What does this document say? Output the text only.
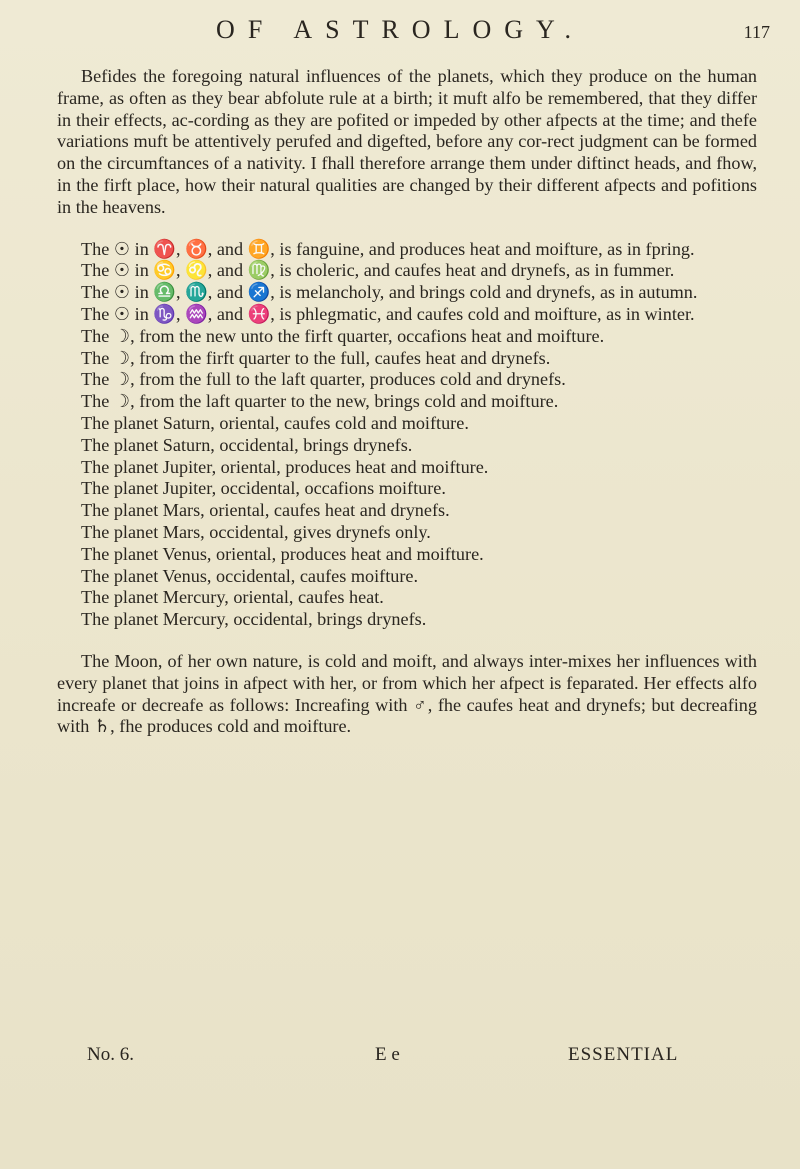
OF ASTROLOGY.	117

Befides the foregoing natural influences of the planets, which they produce on the human frame, as often as they bear abfolute rule at a birth; it muft alfo be remembered, that they differ in their effects, ac-cording as they are pofited or impeded by other afpects at the time; and thefe variations muft be attentively perufed and digefted, before any cor-rect judgment can be formed on the circumftances of a nativity. I fhall therefore arrange them under diftinct heads, and fhow, in the firft place, how their natural qualities are changed by their different afpects and pofitions in the heavens.

The ☉ in ♈, ♉, and ♊, is fanguine, and produces heat and moifture, as in fpring.
The ☉ in ♋, ♌, and ♍, is choleric, and caufes heat and drynefs, as in fummer.
The ☉ in ♎, ♏, and ♐, is melancholy, and brings cold and drynefs, as in autumn.
The ☉ in ♑, ♒, and ♓, is phlegmatic, and caufes cold and moifture, as in winter.
The ☽, from the new unto the firft quarter, occafions heat and moifture.
The ☽, from the firft quarter to the full, caufes heat and drynefs.
The ☽, from the full to the laft quarter, produces cold and drynefs.
The ☽, from the laft quarter to the new, brings cold and moifture.
The planet Saturn, oriental, caufes cold and moifture.
The planet Saturn, occidental, brings drynefs.
The planet Jupiter, oriental, produces heat and moifture.
The planet Jupiter, occidental, occafions moifture.
The planet Mars, oriental, caufes heat and drynefs.
The planet Mars, occidental, gives drynefs only.
The planet Venus, oriental, produces heat and moifture.
The planet Venus, occidental, caufes moifture.
The planet Mercury, oriental, caufes heat.
The planet Mercury, occidental, brings drynefs.

The Moon, of her own nature, is cold and moift, and always inter-mixes her influences with every planet that joins in afpect with her, or from which her afpect is feparated. Her effects alfo increafe or decreafe as follows: Increafing with ♂, fhe caufes heat and drynefs; but decreafing with ♄, fhe produces cold and moifture.

No. 6.	E e	ESSENTIAL
